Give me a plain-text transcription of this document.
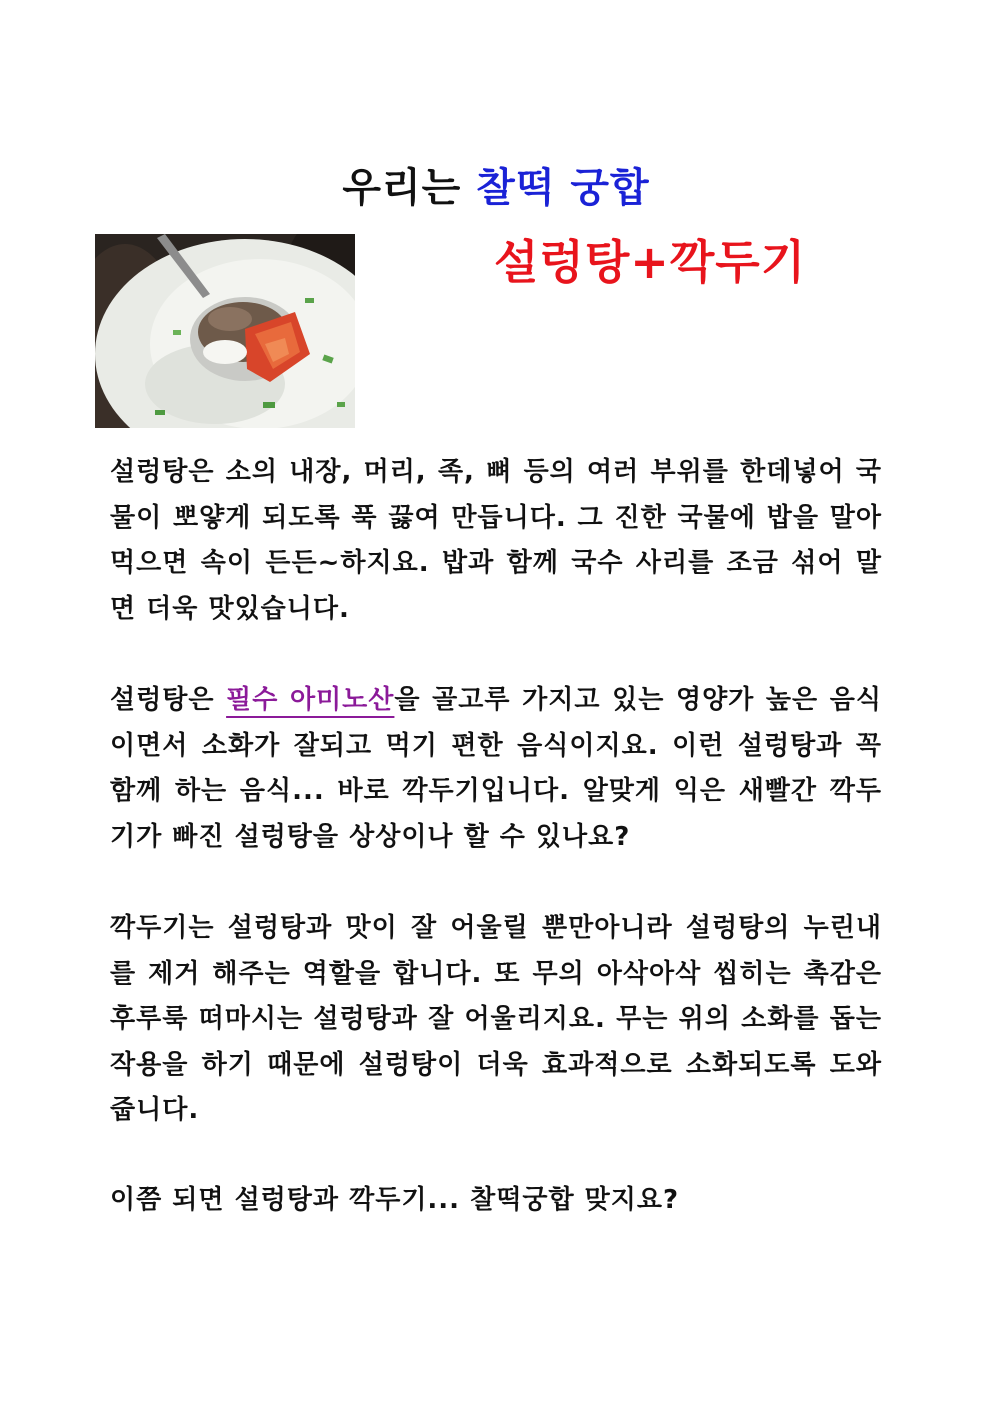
우리는 찰떡 궁합
설렁탕+깍두기

설렁탕은 소의 내장, 머리, 족, 뼈 등의 여러 부위를 한데넣어 국물이 뽀얗게 되도록 푹 끓여 만듭니다. 그 진한 국물에 밥을 말아 먹으면 속이 든든~하지요. 밥과 함께 국수 사리를 조금 섞어 말면 더욱 맛있습니다.

설렁탕은 필수 아미노산을 골고루 가지고 있는 영양가 높은 음식이면서 소화가 잘되고 먹기 편한 음식이지요. 이런 설렁탕과 꼭 함께 하는 음식... 바로 깍두기입니다. 알맞게 익은 새빨간 깍두기가 빠진 설렁탕을 상상이나 할 수 있나요?

깍두기는 설렁탕과 맛이 잘 어울릴 뿐만아니라 설렁탕의 누린내를 제거 해주는 역할을 합니다. 또 무의 아삭아삭 씹히는 촉감은 후루룩 떠마시는 설렁탕과 잘 어울리지요. 무는 위의 소화를 돕는 작용을 하기 때문에 설렁탕이 더욱 효과적으로 소화되도록 도와줍니다.

이쯤 되면 설렁탕과 깍두기... 찰떡궁합 맞지요?
